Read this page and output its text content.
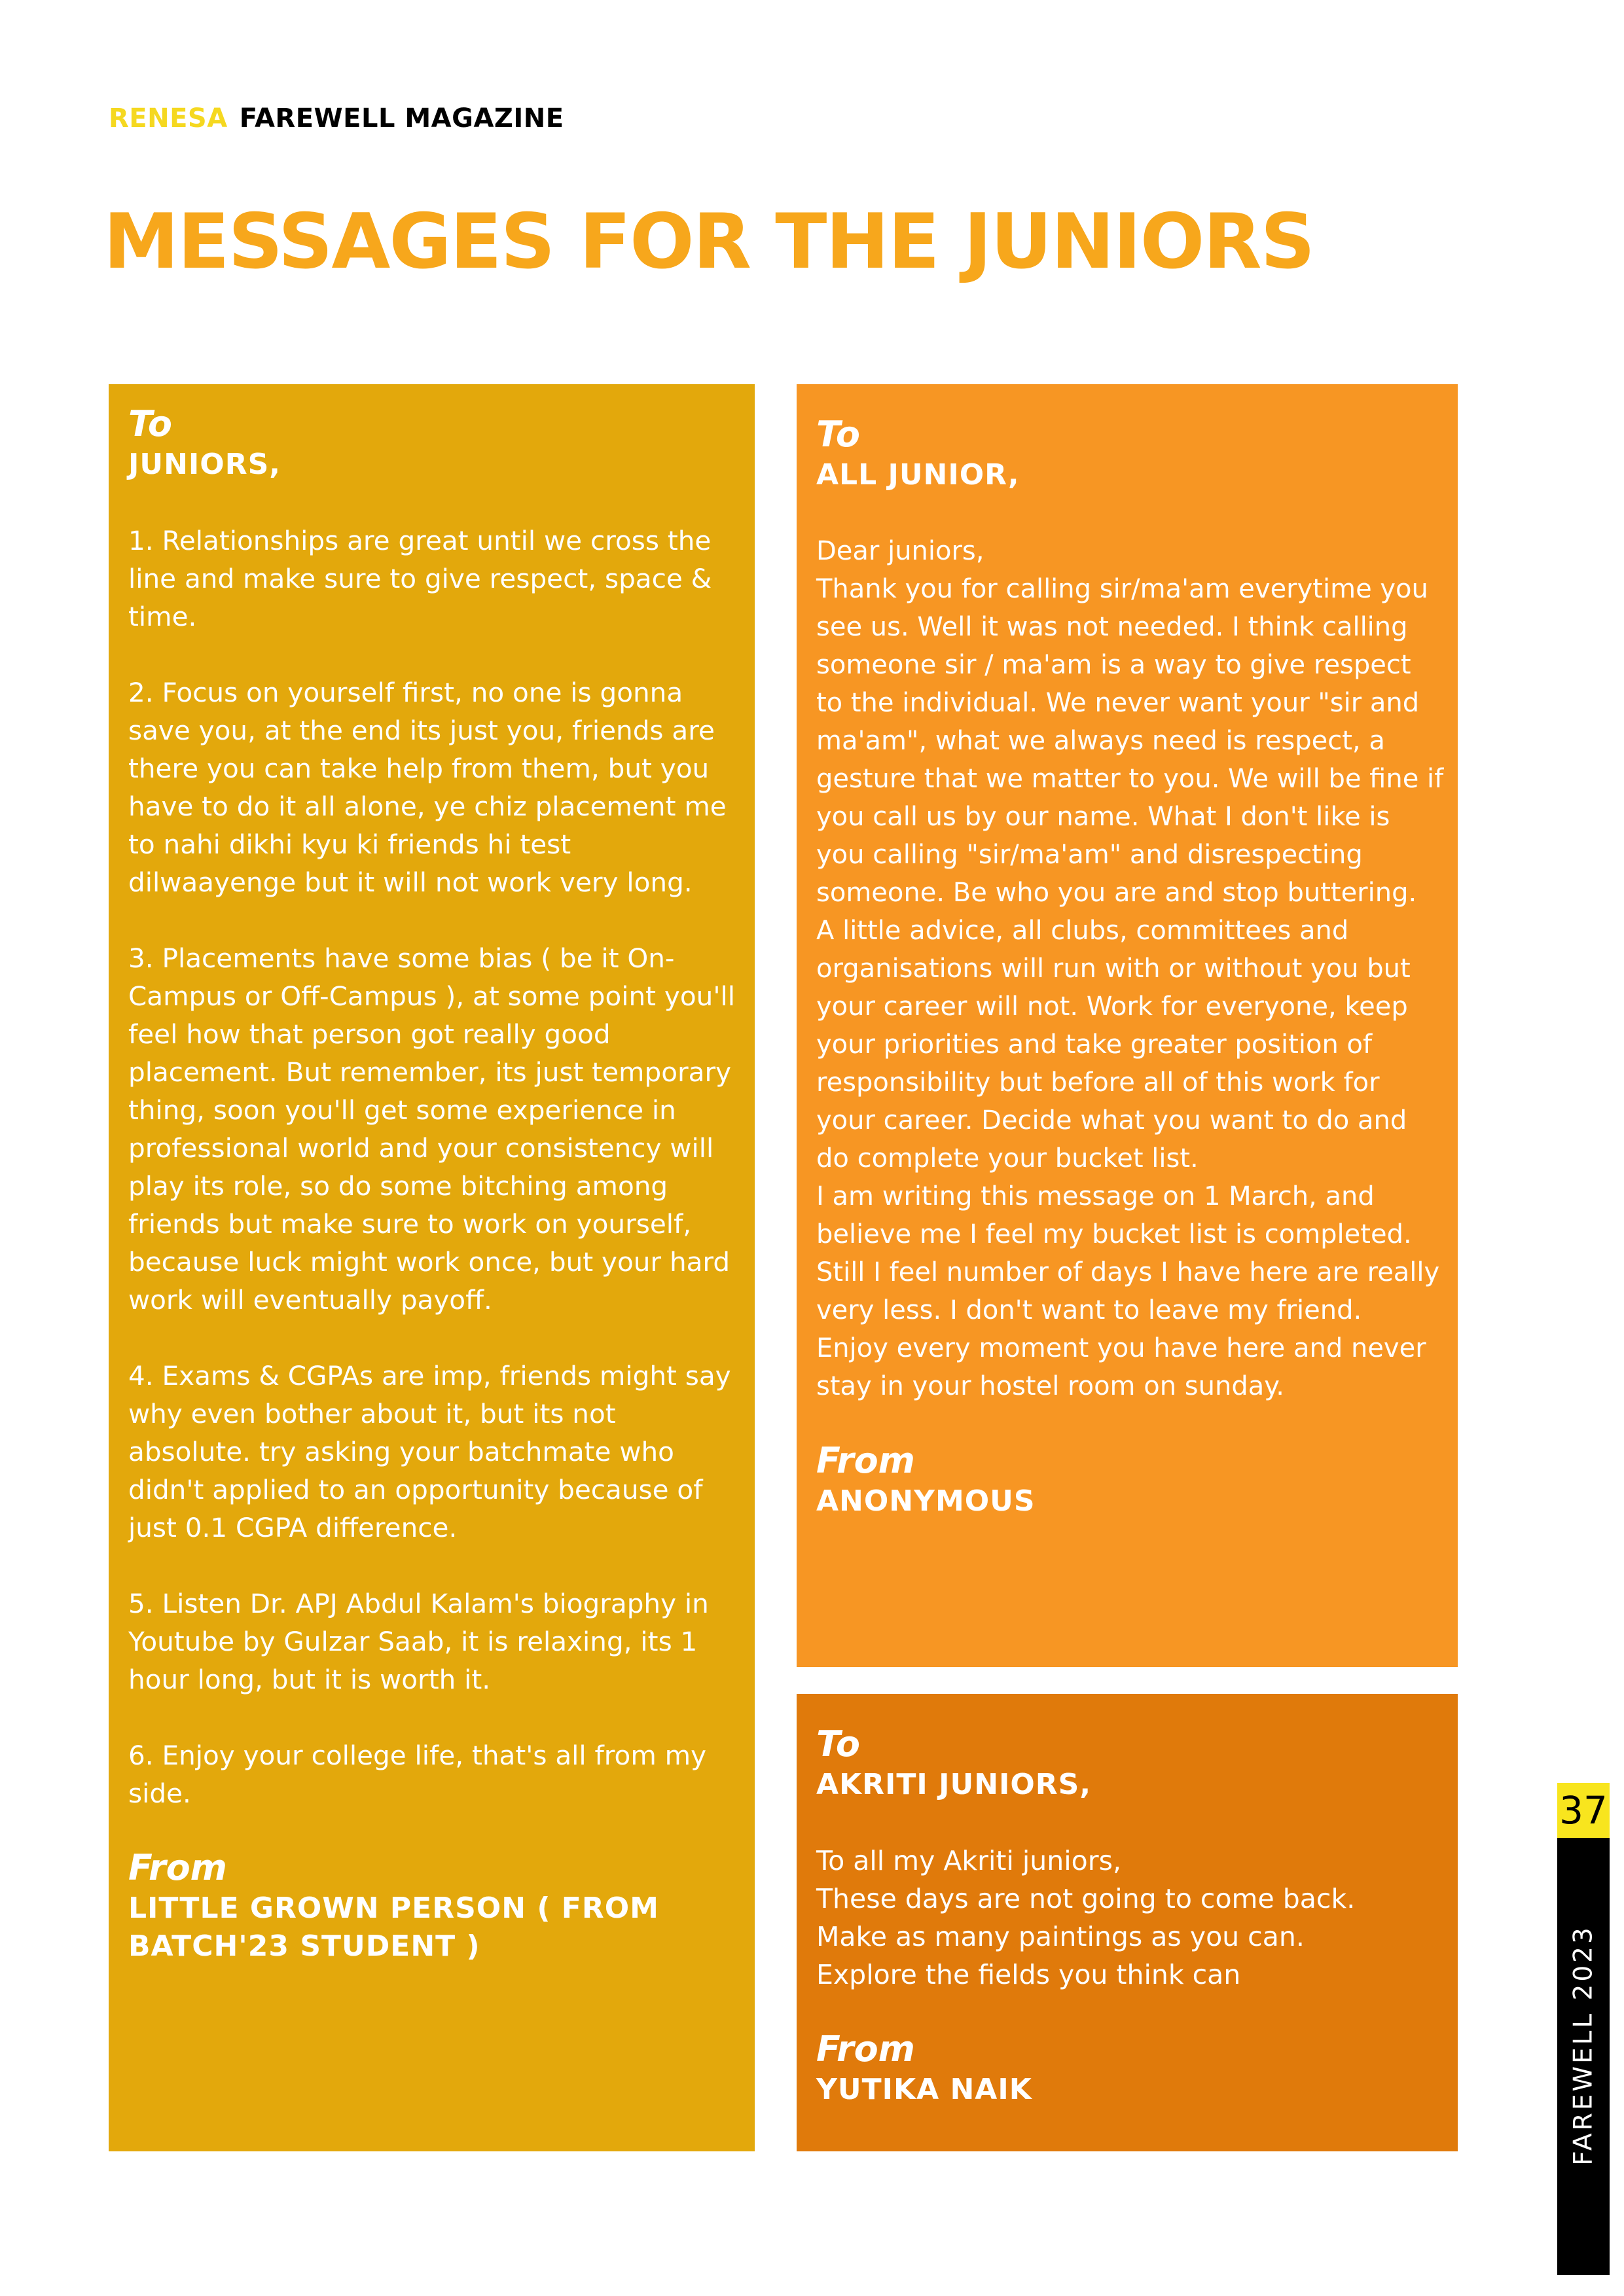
RENESA FAREWELL MAGAZINE
MESSAGES FOR THE JUNIORS
To
JUNIORS,
1. Relationships are great until we cross the line and make sure to give respect, space & time.

2. Focus on yourself first, no one is gonna save you, at the end its just you, friends are there you can take help from them, but you have to do it all alone, ye chiz placement me to nahi dikhi kyu ki friends hi test dilwaayenge but it will not work very long.

3. Placements have some bias ( be it On-Campus or Off-Campus ), at some point you'll feel how that person got really good placement. But remember, its just temporary thing, soon you'll get some experience in professional world and your consistency will play its role, so do some bitching among friends but make sure to work on yourself, because luck might work once, but your hard work will eventually payoff.

4. Exams & CGPAs are imp, friends might say why even bother about it, but its not absolute. try asking your batchmate who didn't applied to an opportunity because of just 0.1 CGPA difference.

5. Listen Dr. APJ Abdul Kalam's biography in Youtube by Gulzar Saab, it is relaxing, its 1 hour long, but it is worth it.

6. Enjoy your college life, that's all from my side.
From
LITTLE GROWN PERSON ( FROM BATCH'23 STUDENT )
To
ALL JUNIOR,
Dear juniors,
Thank you for calling sir/ma'am everytime you see us. Well it was not needed. I think calling someone sir / ma'am is a way to give respect to the individual. We never want your "sir and ma'am", what we always need is respect, a gesture that we matter to you. We will be fine if you call us by our name. What I don't like is you calling "sir/ma'am" and disrespecting someone. Be who you are and stop buttering.
A little advice, all clubs, committees and organisations will run with or without you but your career will not. Work for everyone, keep your priorities and take greater position of responsibility but before all of this work for your career. Decide what you want to do and do complete your bucket list.
I am writing this message on 1 March, and believe me I feel my bucket list is completed. Still I feel number of days I have here are really very less. I don't want to leave my friend.
Enjoy every moment you have here and never stay in your hostel room on sunday.
From
ANONYMOUS
To
AKRITI JUNIORS,
To all my Akriti juniors,
These days are not going to come back.
Make as many paintings as you can.
Explore the fields you think can
From
YUTIKA NAIK
37
FAREWELL 2023
